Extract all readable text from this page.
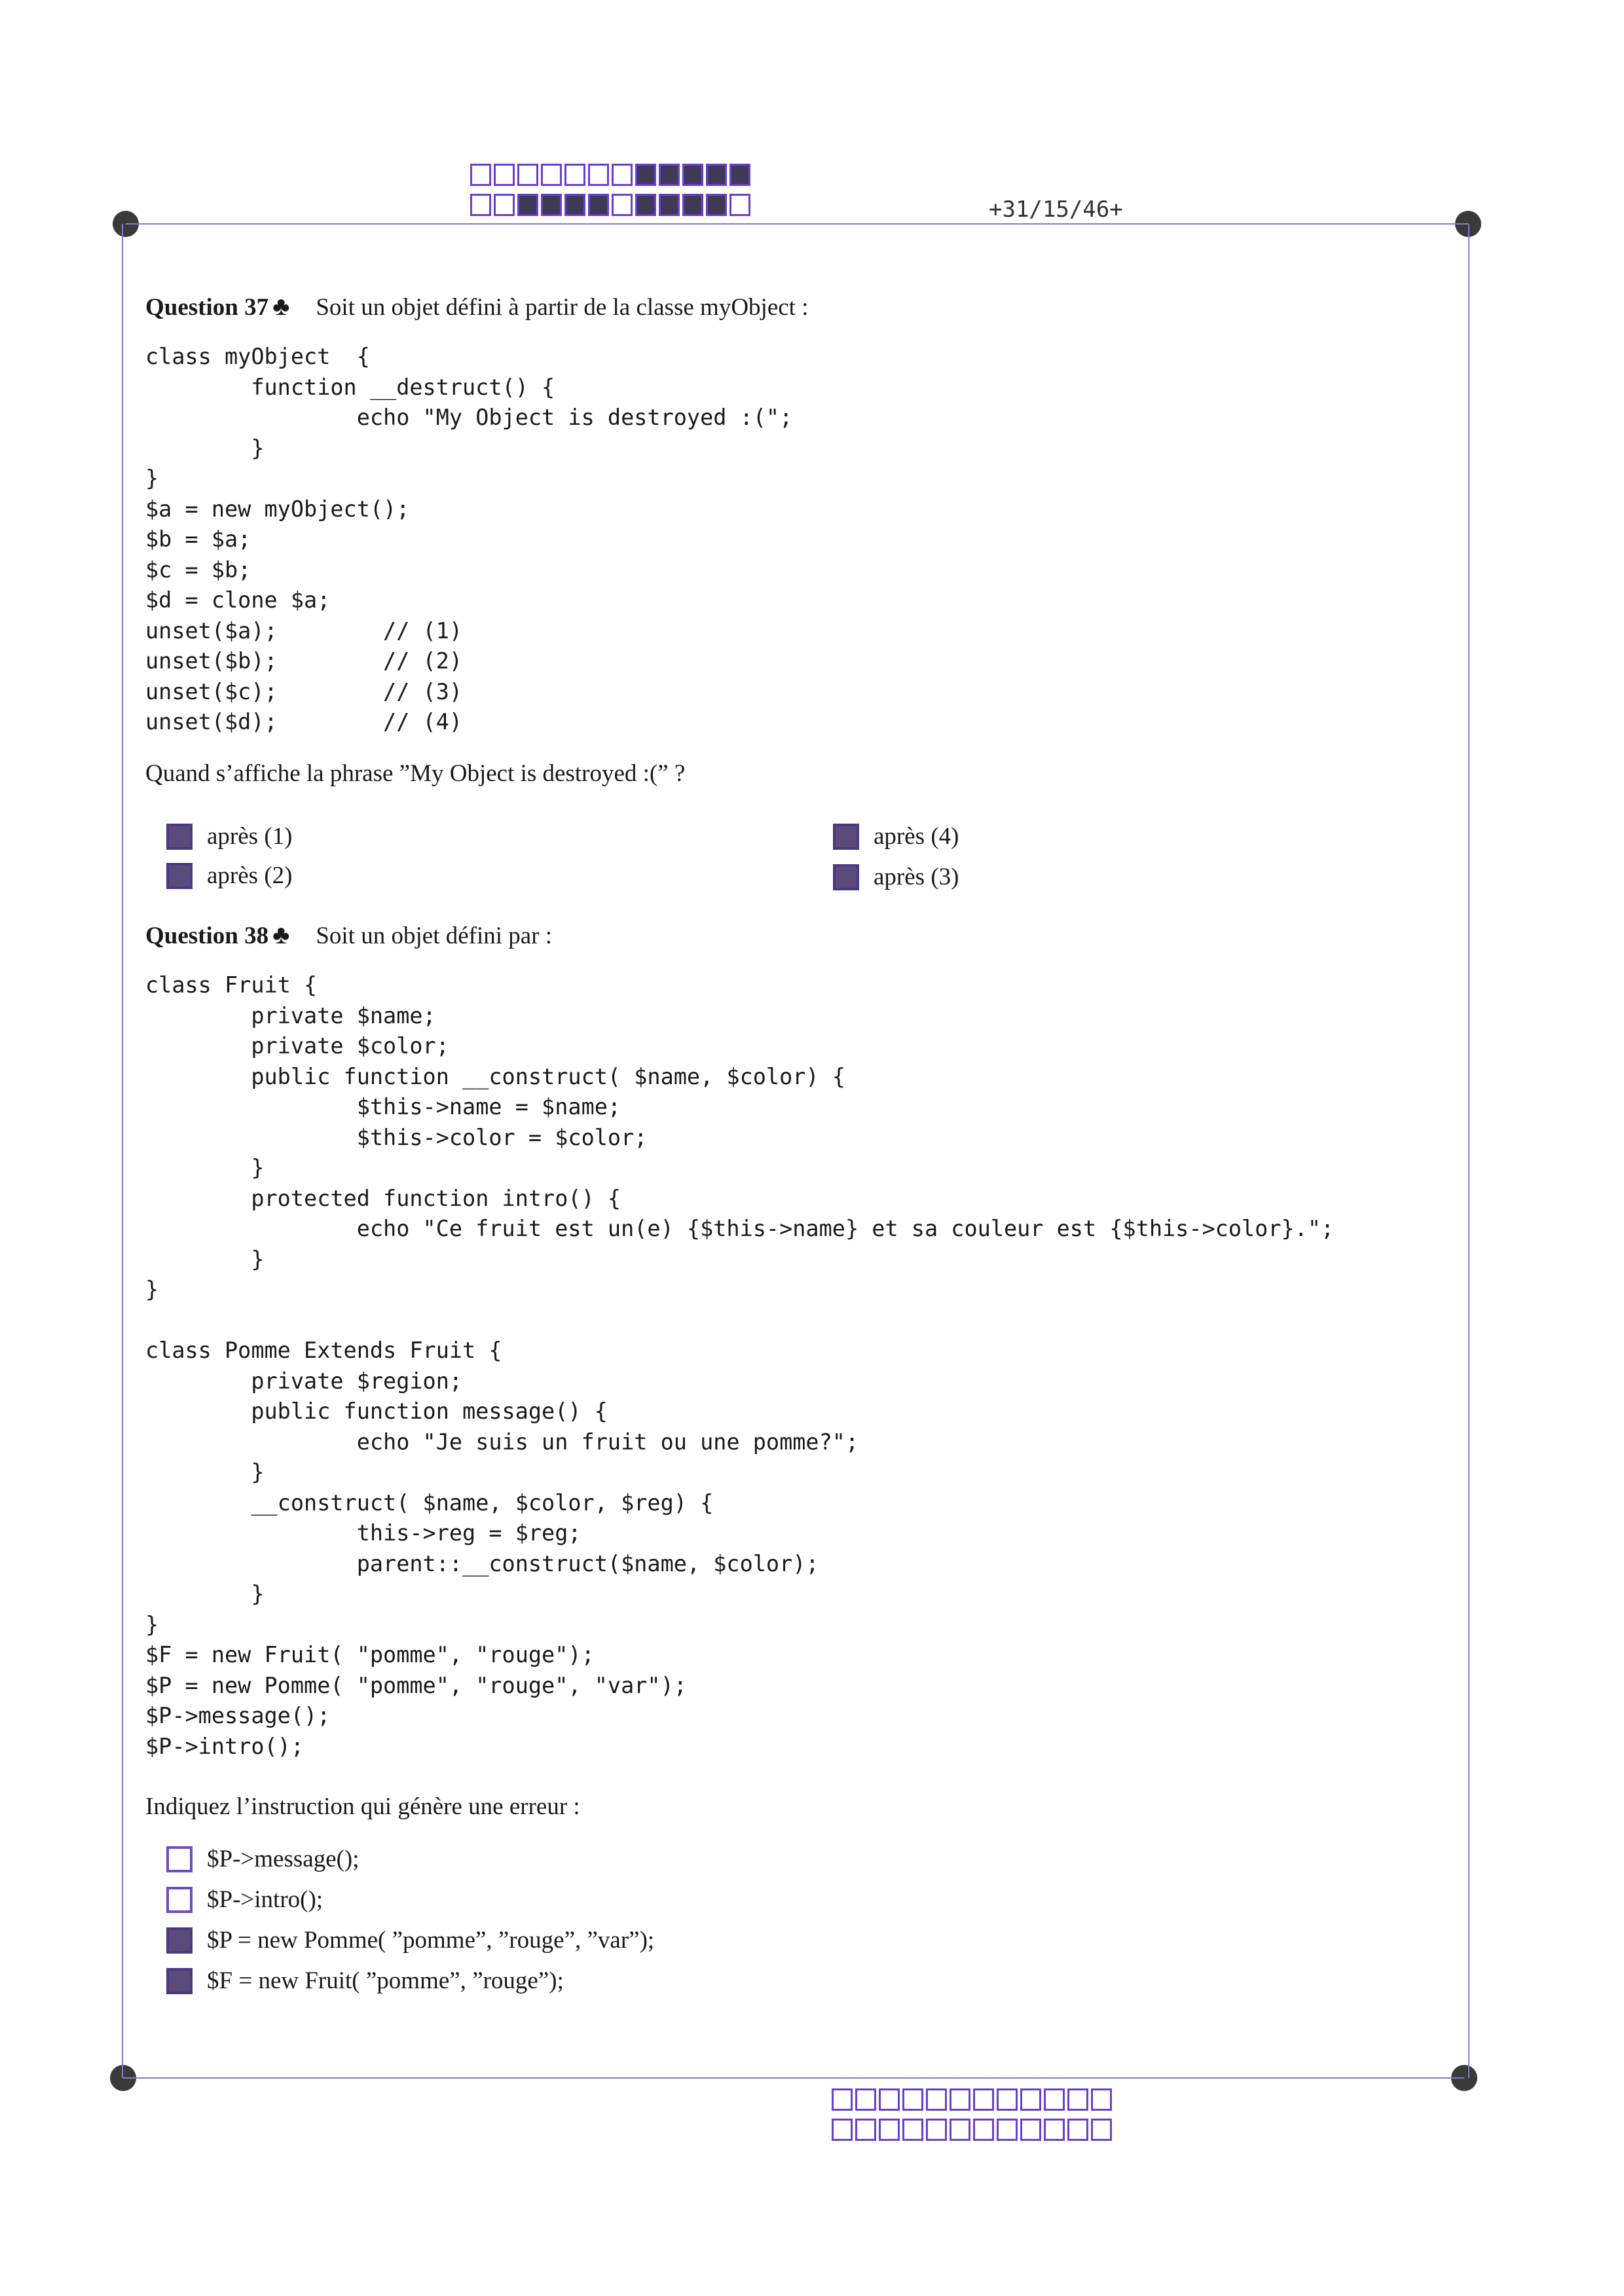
+31/15/46+
Question 37 ♣ Soit un objet défini à partir de la classe myObject :
class myObject  {
function __destruct() {
echo "My Object is destroyed :(";
}
}
$a = new myObject();
$b = $a;
$c = $b;
$d = clone $a;
unset($a);        // (1)
unset($b);        // (2)
unset($c);        // (3)
unset($d);        // (4)
Quand s’affiche la phrase ”My Object is destroyed :(” ?
après (1)
après (2)
après (4)
après (3)
Question 38 ♣ Soit un objet défini par :
class Fruit {
private $name;
private $color;
public function __construct( $name, $color) {
$this->name = $name;
$this->color = $color;
}
protected function intro() {
echo "Ce fruit est un(e) {$this->name} et sa couleur est {$this->color}.";
}
}

class Pomme Extends Fruit {
private $region;
public function message() {
echo "Je suis un fruit ou une pomme?";
}
__construct( $name, $color, $reg) {
this->reg = $reg;
parent::__construct($name, $color);
}
}
$F = new Fruit( "pomme", "rouge");
$P = new Pomme( "pomme", "rouge", "var");
$P->message();
$P->intro();
Indiquez l’instruction qui génère une erreur :
$P->message();
$P->intro();
$P = new Pomme( ”pomme”, ”rouge”, ”var”);
$F = new Fruit( ”pomme”, ”rouge”);
